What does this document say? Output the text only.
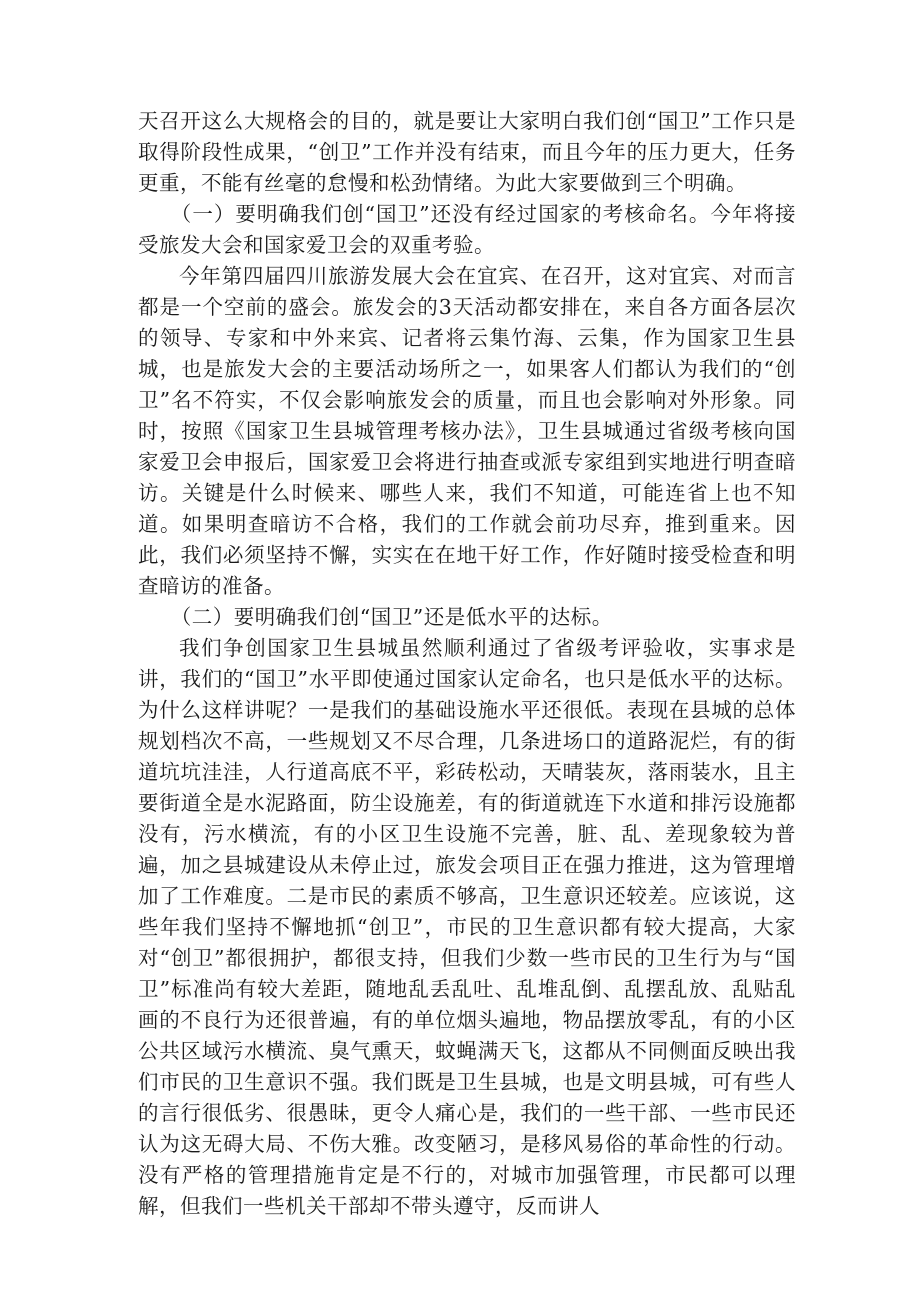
天召开这么大规格会的目的，就是要让大家明白我们创“国卫”工作只是取得阶段性成果，“创卫”工作并没有结束，而且今年的压力更大，任务更重，不能有丝毫的怠慢和松劲情绪。为此大家要做到三个明确。

（一）要明确我们创“国卫”还没有经过国家的考核命名。今年将接受旅发大会和国家爱卫会的双重考验。

今年第四届四川旅游发展大会在宜宾、在召开，这对宜宾、对而言都是一个空前的盛会。旅发会的3天活动都安排在，来自各方面各层次的领导、专家和中外来宾、记者将云集竹海、云集，作为国家卫生县城，也是旅发大会的主要活动场所之一，如果客人们都认为我们的“创卫”名不符实，不仅会影响旅发会的质量，而且也会影响对外形象。同时，按照《国家卫生县城管理考核办法》，卫生县城通过省级考核向国家爱卫会申报后，国家爱卫会将进行抽查或派专家组到实地进行明查暗访。关键是什么时候来、哪些人来，我们不知道，可能连省上也不知道。如果明查暗访不合格，我们的工作就会前功尽弃，推到重来。因此，我们必须坚持不懈，实实在在地干好工作，作好随时接受检查和明查暗访的准备。

（二）要明确我们创“国卫”还是低水平的达标。

我们争创国家卫生县城虽然顺利通过了省级考评验收，实事求是讲，我们的“国卫”水平即使通过国家认定命名，也只是低水平的达标。为什么这样讲呢？一是我们的基础设施水平还很低。表现在县城的总体规划档次不高，一些规划又不尽合理，几条进场口的道路泥烂，有的街道坑坑洼洼，人行道高底不平，彩砖松动，天晴装灰，落雨装水，且主要街道全是水泥路面，防尘设施差，有的街道就连下水道和排污设施都没有，污水横流，有的小区卫生设施不完善，脏、乱、差现象较为普遍，加之县城建设从未停止过，旅发会项目正在强力推进，这为管理增加了工作难度。二是市民的素质不够高，卫生意识还较差。应该说，这些年我们坚持不懈地抓“创卫”，市民的卫生意识都有较大提高，大家对“创卫”都很拥护，都很支持，但我们少数一些市民的卫生行为与“国卫”标准尚有较大差距，随地乱丢乱吐、乱堆乱倒、乱摆乱放、乱贴乱画的不良行为还很普遍，有的单位烟头遍地，物品摆放零乱，有的小区公共区域污水横流、臭气熏天，蚊蝇满天飞，这都从不同侧面反映出我们市民的卫生意识不强。我们既是卫生县城，也是文明县城，可有些人的言行很低劣、很愚昧，更令人痛心是，我们的一些干部、一些市民还认为这无碍大局、不伤大雅。改变陋习，是移风易俗的革命性的行动。没有严格的管理措施肯定是不行的，对城市加强管理，市民都可以理解，但我们一些机关干部却不带头遵守，反而讲人
